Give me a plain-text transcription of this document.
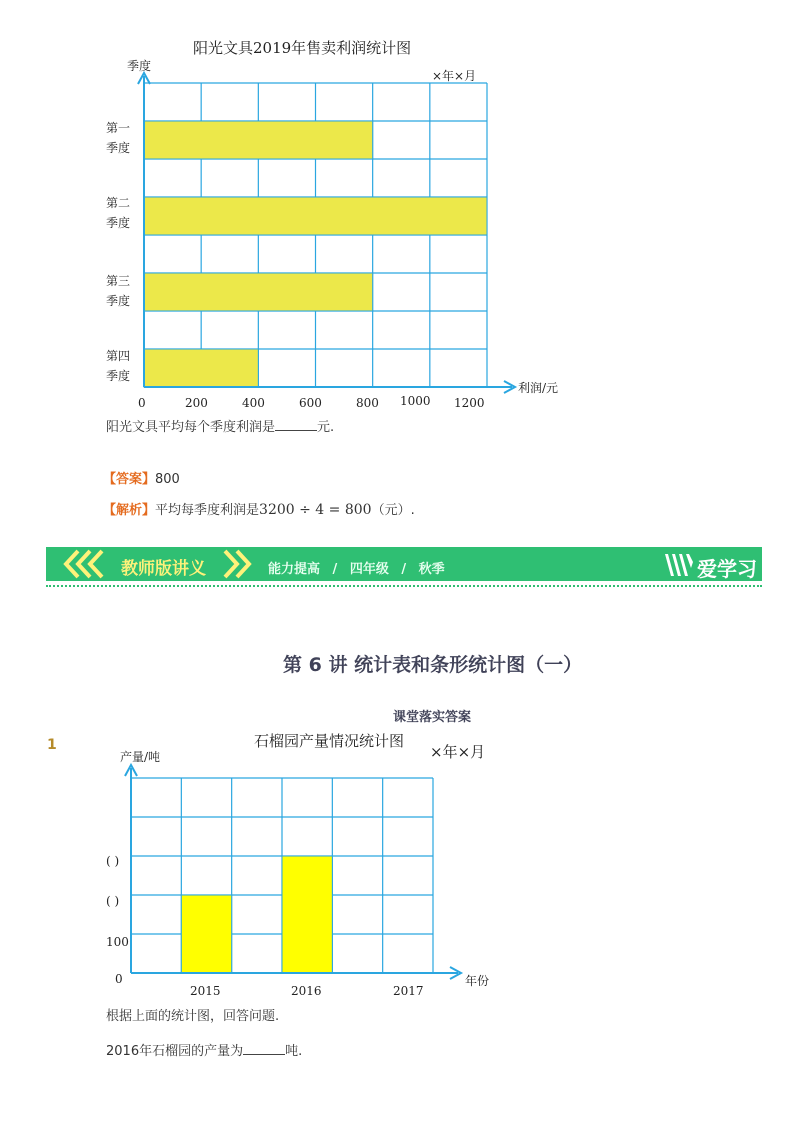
阳光文具2019年售卖利润统计图
×年×月
季度
利润/元
0	200	400	600	800 1000 1200
第一
季度
第二
季度
第三
季度
第四
季度
阳光文具平均每个季度利润是	元.
【答案】800
【解析】平均每季度利润是3200 ÷ 4 = 800（元）.
教师版讲义	能力提高 / 四年级 / 秋季	爱学习
第 6 讲 统计表和条形统计图（一）
课堂落实答案
1	石榴园产量情况统计图
×年×月
产量/吨
年份
0
100
( )
( )
2015	2016	2017
根据上面的统计图，回答问题.
2016年石榴园的产量为	吨.
